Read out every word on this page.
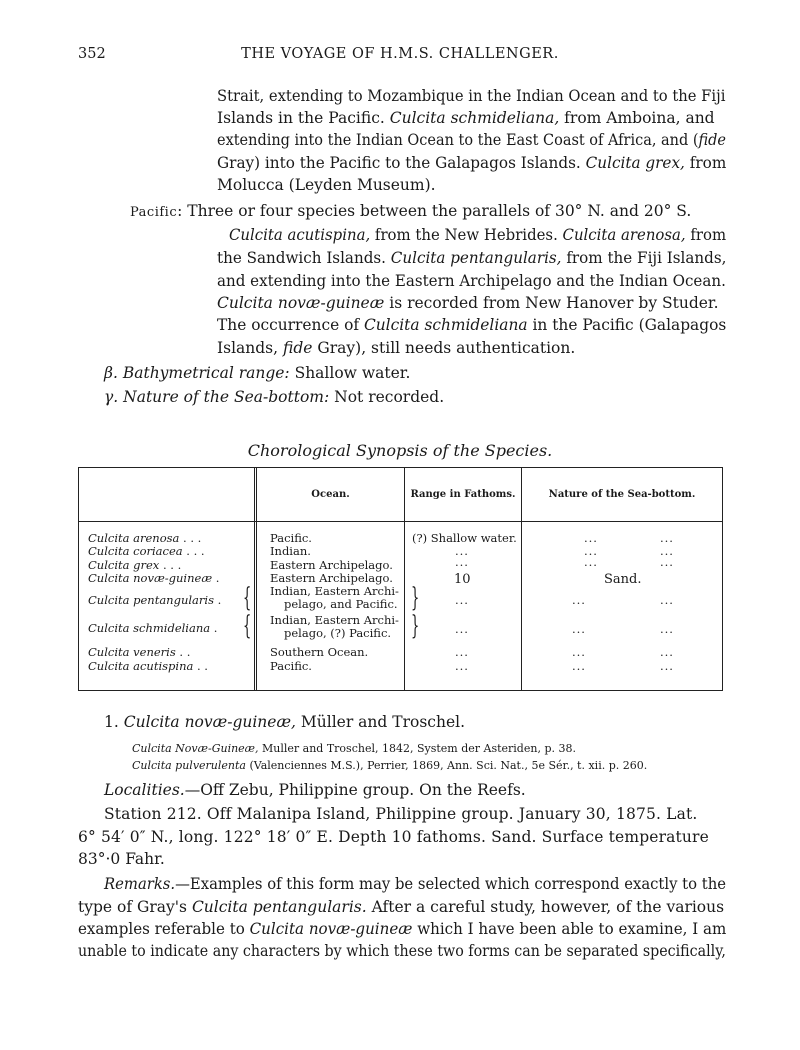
352	THE VOYAGE OF H.M.S. CHALLENGER.
Strait, extending to Mozambique in the Indian Ocean and to the Fiji
Islands in the Pacific. Culcita schmideliana, from Amboina, and
extending into the Indian Ocean to the East Coast of Africa, and (fide
Gray) into the Pacific to the Galapagos Islands. Culcita grex, from
Molucca (Leyden Museum).
Pacific: Three or four species between the parallels of 30° N. and 20° S.
Culcita acutispina, from the New Hebrides. Culcita arenosa, from
the Sandwich Islands. Culcita pentangularis, from the Fiji Islands,
and extending into the Eastern Archipelago and the Indian Ocean.
Culcita novæ-guineæ is recorded from New Hanover by Studer.
The occurrence of Culcita schmideliana in the Pacific (Galapagos
Islands, fide Gray), still needs authentication.
β. Bathymetrical range: Shallow water.
γ. Nature of the Sea-bottom: Not recorded.
Chorological Synopsis of the Species.
Ocean.	Range in Fathoms.	Nature of the Sea-bottom.
Culcita arenosa . . .	Pacific.	(?) Shallow water.	...	...
Culcita coriacea . . .	Indian.	...	...	...
Culcita grex . . .	Eastern Archipelago.	...	...	...
Culcita novæ-guineæ .	Eastern Archipelago.	10	Sand.
Culcita pentangularis . { Indian, Eastern Archi-
pelago, and Pacific. }	...	...	...
Culcita schmideliana . { Indian, Eastern Archi-
pelago, (?) Pacific. }	...	...	...
Culcita veneris . .	Southern Ocean.	...	...	...
Culcita acutispina . .	Pacific.	...	...	...
1. Culcita novæ-guineæ, Müller and Troschel.
Culcita Novæ-Guineæ, Muller and Troschel, 1842, System der Asteriden, p. 38.
Culcita pulverulenta (Valenciennes M.S.), Perrier, 1869, Ann. Sci. Nat., 5e Sér., t. xii. p. 260.
Localities.—Off Zebu, Philippine group. On the Reefs.
Station 212. Off Malanipa Island, Philippine group. January 30, 1875. Lat.
6° 54′ 0″ N., long. 122° 18′ 0″ E. Depth 10 fathoms. Sand. Surface temperature
83°·0 Fahr.
Remarks.—Examples of this form may be selected which correspond exactly to the
type of Gray's Culcita pentangularis. After a careful study, however, of the various
examples referable to Culcita novæ-guineæ which I have been able to examine, I am
unable to indicate any characters by which these two forms can be separated specifically,
